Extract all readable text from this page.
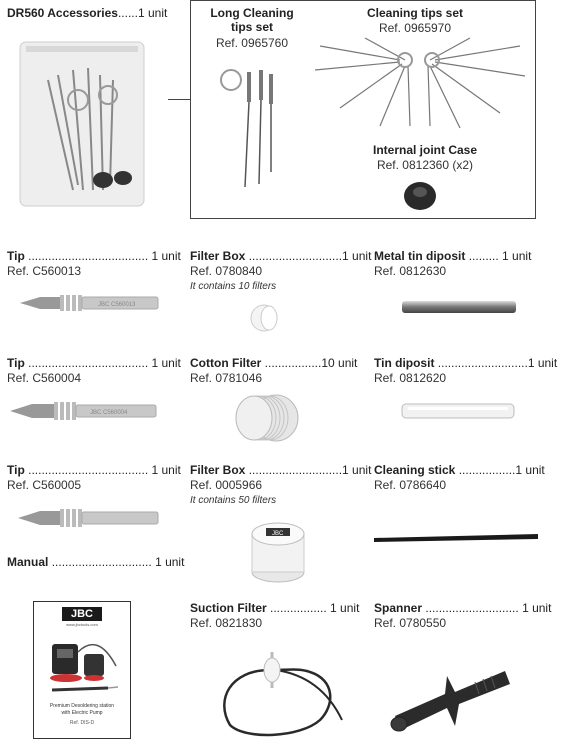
DR560 Accessories......1 unit	Long Cleaning
tips set
Ref. 0965760
Cleaning tips set
Ref. 0965970
Internal joint Case
Ref. 0812360 (x2)
Tip .................................... 1 unit
Ref. C560013
JBC C560013
Filter Box ............................1 unit
Ref. 0780840
It contains 10 filters
Metal tin diposit ......... 1 unit
Ref. 0812630
Tip .................................... 1 unit
Ref. C560004
JBC C560004
Cotton Filter .................10 unit
Ref. 0781046
Tin diposit ...........................1 unit
Ref. 0812620
Tip .................................... 1 unit
Ref. C560005
Filter Box ............................1 unit
Ref. 0005966
It contains 50 filters
JBC
Cleaning stick .................1 unit
Ref. 0786640
Manual .............................. 1 unit
JBC
www.jbctools.com
Premium Desoldering station
with Electric Pump
Ref. DIS-D
Suction Filter ................. 1 unit
Ref. 0821830
Spanner ............................ 1 unit
Ref. 0780550
